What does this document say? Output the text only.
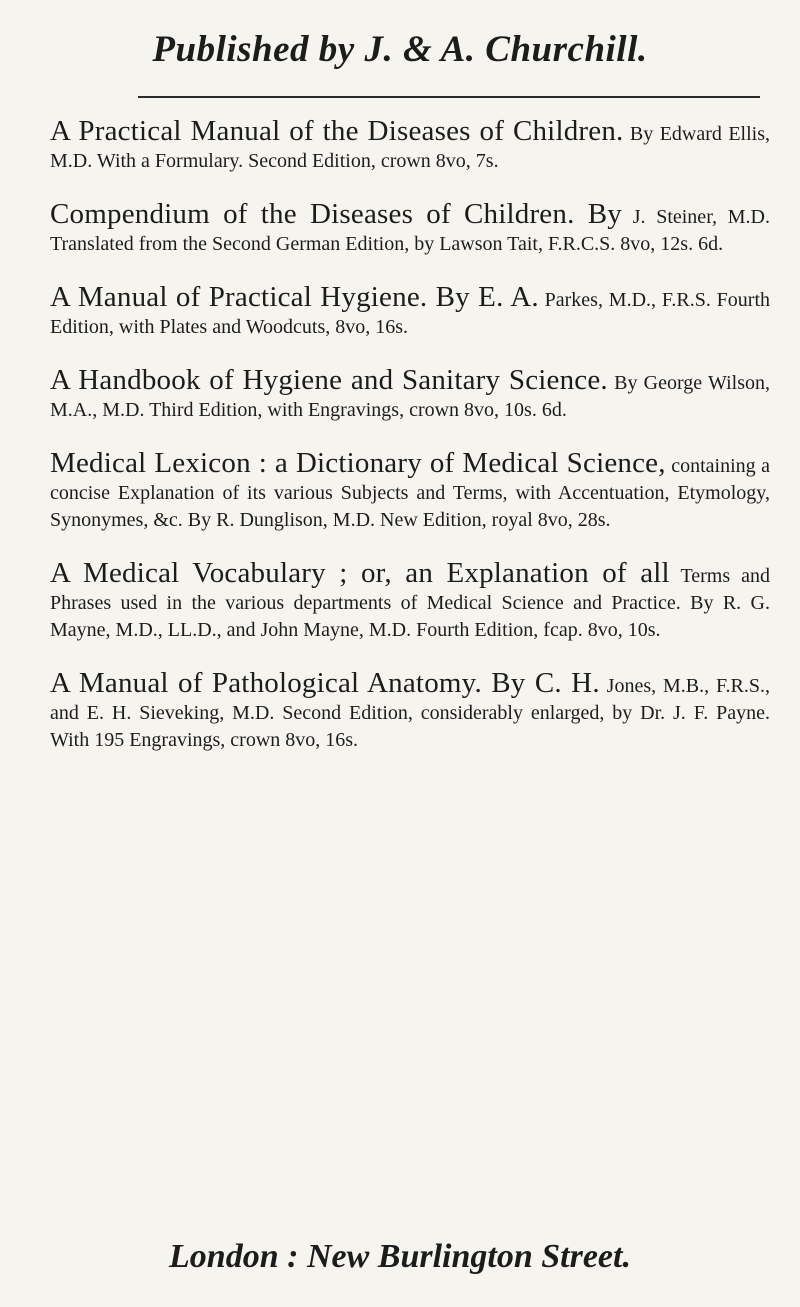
Published by J. & A. Churchill.

A Practical Manual of the Diseases of Children. By Edward Ellis, M.D. With a Formulary. Second Edition, crown 8vo, 7s.

Compendium of the Diseases of Children. By J. Steiner, M.D. Translated from the Second German Edition, by Lawson Tait, F.R.C.S. 8vo, 12s. 6d.

A Manual of Practical Hygiene. By E. A. Parkes, M.D., F.R.S. Fourth Edition, with Plates and Woodcuts, 8vo, 16s.

A Handbook of Hygiene and Sanitary Science. By George Wilson, M.A., M.D. Third Edition, with Engravings, crown 8vo, 10s. 6d.

Medical Lexicon : a Dictionary of Medical Science, containing a concise Explanation of its various Subjects and Terms, with Accentuation, Etymology, Synonymes, &c. By R. Dunglison, M.D. New Edition, royal 8vo, 28s.

A Medical Vocabulary ; or, an Explanation of all Terms and Phrases used in the various departments of Medical Science and Practice. By R. G. Mayne, M.D., LL.D., and John Mayne, M.D. Fourth Edition, fcap. 8vo, 10s.

A Manual of Pathological Anatomy. By C. H. Jones, M.B., F.R.S., and E. H. Sieveking, M.D. Second Edition, considerably enlarged, by Dr. J. F. Payne. With 195 Engravings, crown 8vo, 16s.

London : New Burlington Street.
